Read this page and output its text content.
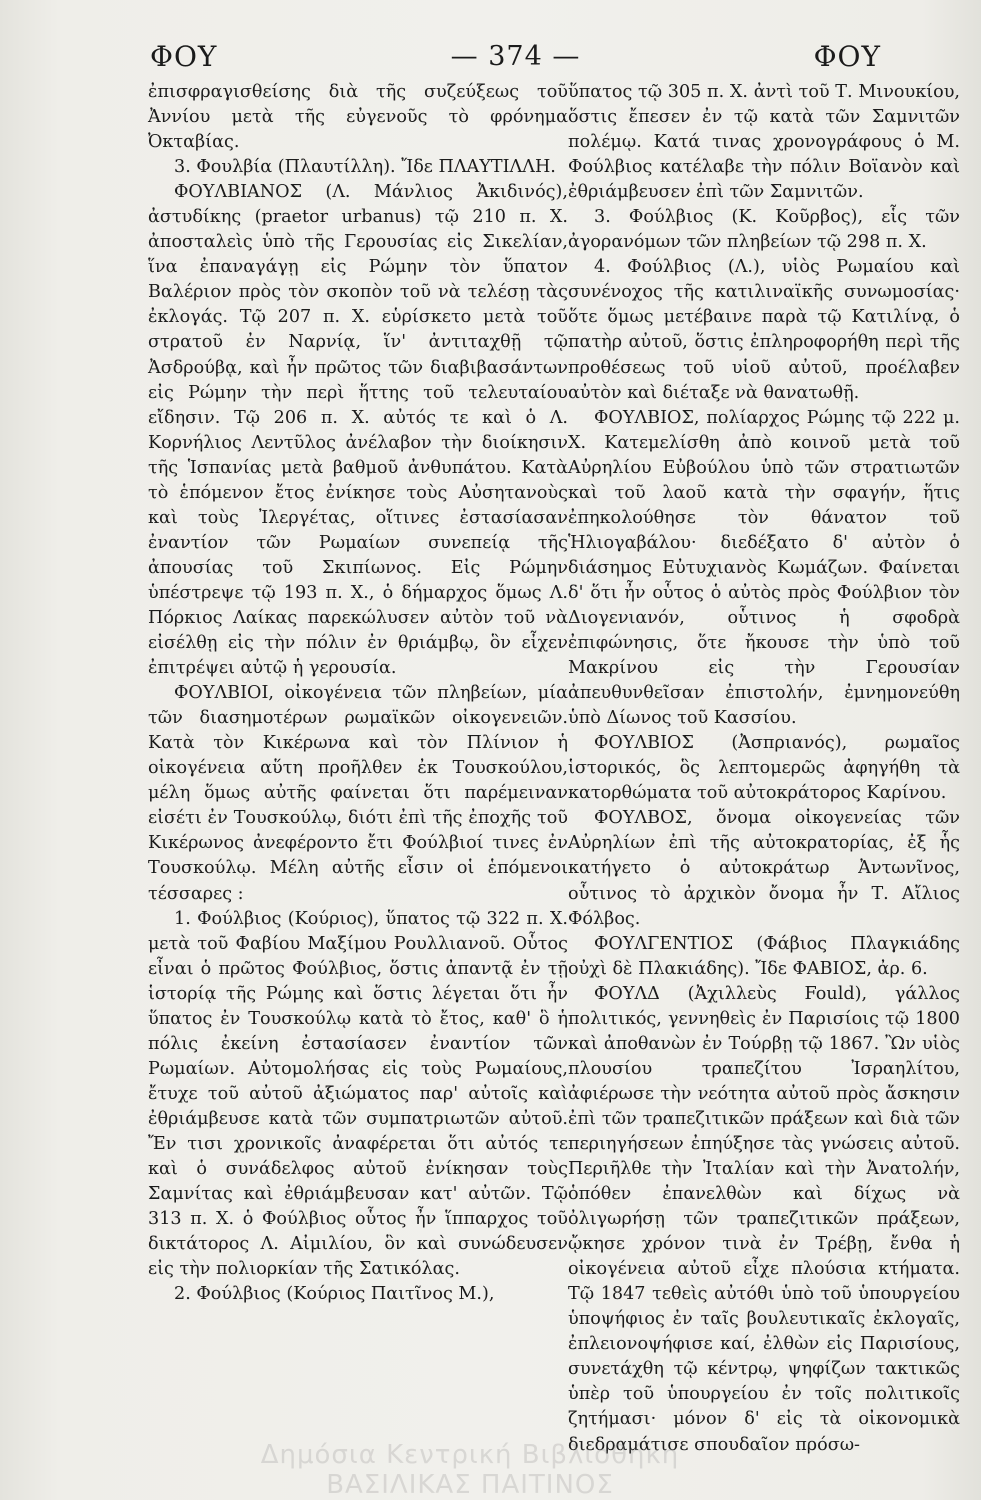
ΦΟΥ	— 374 —	ΦΟΥ

ἐπισφραγισθείσης διὰ τῆς συζεύξεως τοῦ Ἀννίου μετὰ τῆς εὐγενοῦς τὸ φρόνημα Ὀκταβίας.

3. Φουλβία (Πλαυτίλλη). Ἴδε ΠΛΑΥΤΙΛΛΗ.

ΦΟΥΛΒΙΑΝΟΣ (Λ. Μάνλιος Ἀκιδινός), ἀστυδίκης (praetor urbanus) τῷ 210 π. Χ. ἀποσταλεὶς ὑπὸ τῆς Γερουσίας εἰς Σικελίαν, ἵνα ἐπαναγάγῃ εἰς Ρώμην τὸν ὕπατον Βαλέριον πρὸς τὸν σκοπὸν τοῦ νὰ τελέσῃ τὰς ἐκλογάς. Τῷ 207 π. Χ. εὑρίσκετο μετὰ τοῦ στρατοῦ ἐν Ναρνίᾳ, ἵν' ἀντιταχθῇ τῷ Ἀσδρούβᾳ, καὶ ἦν πρῶτος τῶν διαβιβασάντων εἰς Ρώμην τὴν περὶ ἥττης τοῦ τελευταίου εἴδησιν. Τῷ 206 π. Χ. αὐτός τε καὶ ὁ Λ. Κορνήλιος Λεντῦλος ἀνέλαβον τὴν διοίκησιν τῆς Ἱσπανίας μετὰ βαθμοῦ ἀνθυπάτου. Κατὰ τὸ ἑπόμενον ἔτος ἐνίκησε τοὺς Αὐσητανοὺς καὶ τοὺς Ἰλεργέτας, οἵτινες ἐστασίασαν ἐναντίον τῶν Ρωμαίων συνεπείᾳ τῆς ἀπουσίας τοῦ Σκιπίωνος. Εἰς Ρώμην ὑπέστρεψε τῷ 193 π. Χ., ὁ δήμαρχος ὅμως Λ. Πόρκιος Λαίκας παρεκώλυσεν αὐτὸν τοῦ νὰ εἰσέλθῃ εἰς τὴν πόλιν ἐν θριάμβῳ, ὃν εἶχεν ἐπιτρέψει αὐτῷ ἡ γερουσία.

ΦΟΥΛΒΙΟΙ, οἰκογένεια τῶν πληβείων, μία τῶν διασημοτέρων ρωμαϊκῶν οἰκογενειῶν. Κατὰ τὸν Κικέρωνα καὶ τὸν Πλίνιον ἡ οἰκογένεια αὕτη προῆλθεν ἐκ Τουσκούλου, μέλη ὅμως αὐτῆς φαίνεται ὅτι παρέμειναν εἰσέτι ἐν Τουσκούλῳ, διότι ἐπὶ τῆς ἐποχῆς τοῦ Κικέρωνος ἀνεφέροντο ἔτι Φούλβιοί τινες ἐν Τουσκούλῳ. Μέλη αὐτῆς εἶσιν οἱ ἑπόμενοι τέσσαρες :

1. Φούλβιος (Κούριος), ὕπατος τῷ 322 π. Χ. μετὰ τοῦ Φαβίου Μαξίμου Ρουλλιανοῦ. Οὗτος εἶναι ὁ πρῶτος Φούλβιος, ὅστις ἀπαντᾷ ἐν τῇ ἱστορίᾳ τῆς Ρώμης καὶ ὅστις λέγεται ὅτι ἦν ὕπατος ἐν Τουσκούλῳ κατὰ τὸ ἔτος, καθ' ὃ ἡ πόλις ἐκείνη ἐστασίασεν ἐναντίον τῶν Ρωμαίων. Αὐτομολήσας εἰς τοὺς Ρωμαίους, ἔτυχε τοῦ αὐτοῦ ἀξιώματος παρ' αὐτοῖς καὶ ἐθριάμβευσε κατὰ τῶν συμπατριωτῶν αὐτοῦ. Ἔν τισι χρονικοῖς ἀναφέρεται ὅτι αὐτός τε καὶ ὁ συνάδελφος αὐτοῦ ἐνίκησαν τοὺς Σαμνίτας καὶ ἐθριάμβευσαν κατ' αὐτῶν. Τῷ 313 π. Χ. ὁ Φούλβιος οὗτος ἦν ἵππαρχος τοῦ δικτάτορος Λ. Αἰμιλίου, ὃν καὶ συνώδευσεν εἰς τὴν πολιορκίαν τῆς Σατικόλας.

2. Φούλβιος (Κούριος Παιτῖνος Μ.),

ὕπατος τῷ 305 π. Χ. ἀντὶ τοῦ Τ. Μινουκίου, ὅστις ἔπεσεν ἐν τῷ κατὰ τῶν Σαμνιτῶν πολέμῳ. Κατά τινας χρονογράφους ὁ Μ. Φούλβιος κατέλαβε τὴν πόλιν Βοϊανὸν καὶ ἐθριάμβευσεν ἐπὶ τῶν Σαμνιτῶν.

3. Φούλβιος (Κ. Κοῦρβος), εἷς τῶν ἀγορανόμων τῶν πληβείων τῷ 298 π. Χ.

4. Φούλβιος (Λ.), υἱὸς Ρωμαίου καὶ συνένοχος τῆς κατιλιναϊκῆς συνωμοσίας· ὅτε ὅμως μετέβαινε παρὰ τῷ Κατιλίνᾳ, ὁ πατὴρ αὐτοῦ, ὅστις ἐπληροφορήθη περὶ τῆς προθέσεως τοῦ υἱοῦ αὐτοῦ, προέλαβεν αὐτὸν καὶ διέταξε νὰ θανατωθῇ.

ΦΟΥΛΒΙΟΣ, πολίαρχος Ρώμης τῷ 222 μ. Χ. Κατεμελίσθη ἀπὸ κοινοῦ μετὰ τοῦ Αὐρηλίου Εὐβούλου ὑπὸ τῶν στρατιωτῶν καὶ τοῦ λαοῦ κατὰ τὴν σφαγήν, ἥτις ἐπηκολούθησε τὸν θάνατον τοῦ Ἡλιογαβάλου· διεδέξατο δ' αὐτὸν ὁ διάσημος Εὐτυχιανὸς Κωμάζων. Φαίνεται δ' ὅτι ἦν οὗτος ὁ αὐτὸς πρὸς Φούλβιον τὸν Διογενιανόν, οὗτινος ἡ σφοδρὰ ἐπιφώνησις, ὅτε ἤκουσε τὴν ὑπὸ τοῦ Μακρίνου εἰς τὴν Γερουσίαν ἀπευθυνθεῖσαν ἐπιστολήν, ἐμνημονεύθη ὑπὸ Δίωνος τοῦ Κασσίου.

ΦΟΥΛΒΙΟΣ (Ἀσπριανός), ρωμαῖος ἱστορικός, ὃς λεπτομερῶς ἀφηγήθη τὰ κατορθώματα τοῦ αὐτοκράτορος Καρίνου.

ΦΟΥΛΒΟΣ, ὄνομα οἰκογενείας τῶν Αὐρηλίων ἐπὶ τῆς αὐτοκρατορίας, ἐξ ἧς κατήγετο ὁ αὐτοκράτωρ Ἀντωνῖνος, οὗτινος τὸ ἀρχικὸν ὄνομα ἦν Τ. Αἴλιος Φόλβος.

ΦΟΥΛΓΕΝΤΙΟΣ (Φάβιος Πλαγκιάδης οὐχὶ δὲ Πλακιάδης). Ἴδε ΦΑΒΙΟΣ, ἀρ. 6.

ΦΟΥΛΔ (Ἀχιλλεὺς Fould), γάλλος πολιτικός, γεννηθεὶς ἐν Παρισίοις τῷ 1800 καὶ ἀποθανὼν ἐν Τούρβῃ τῷ 1867. Ὢν υἱὸς πλουσίου τραπεζίτου Ἰσραηλίτου, ἀφιέρωσε τὴν νεότητα αὐτοῦ πρὸς ἄσκησιν ἐπὶ τῶν τραπεζιτικῶν πράξεων καὶ διὰ τῶν περιηγήσεων ἐπηύξησε τὰς γνώσεις αὐτοῦ. Περιῆλθε τὴν Ἰταλίαν καὶ τὴν Ἀνατολήν, ὁπόθεν ἐπανελθὼν καὶ δίχως νὰ ὀλιγωρήσῃ τῶν τραπεζιτικῶν πράξεων, ᾤκησε χρόνον τινὰ ἐν Τρέβῃ, ἔνθα ἡ οἰκογένεια αὐτοῦ εἶχε πλούσια κτήματα. Τῷ 1847 τεθεὶς αὐτόθι ὑπὸ τοῦ ὑπουργείου ὑποψήφιος ἐν ταῖς βουλευτικαῖς ἐκλογαῖς, ἐπλειονοψήφισε καί, ἐλθὼν εἰς Παρισίους, συνετάχθη τῷ κέντρῳ, ψηφίζων τακτικῶς ὑπὲρ τοῦ ὑπουργείου ἐν τοῖς πολιτικοῖς ζητήμασι· μόνον δ' εἰς τὰ οἰκονομικὰ διεδραμάτισε σπουδαῖον πρόσω-

Δημόσια Κεντρική Βιβλιοθήκη ΒΑΣΙΛΙΚΑΣ ΠΑΙΤΙΝΟΣ
